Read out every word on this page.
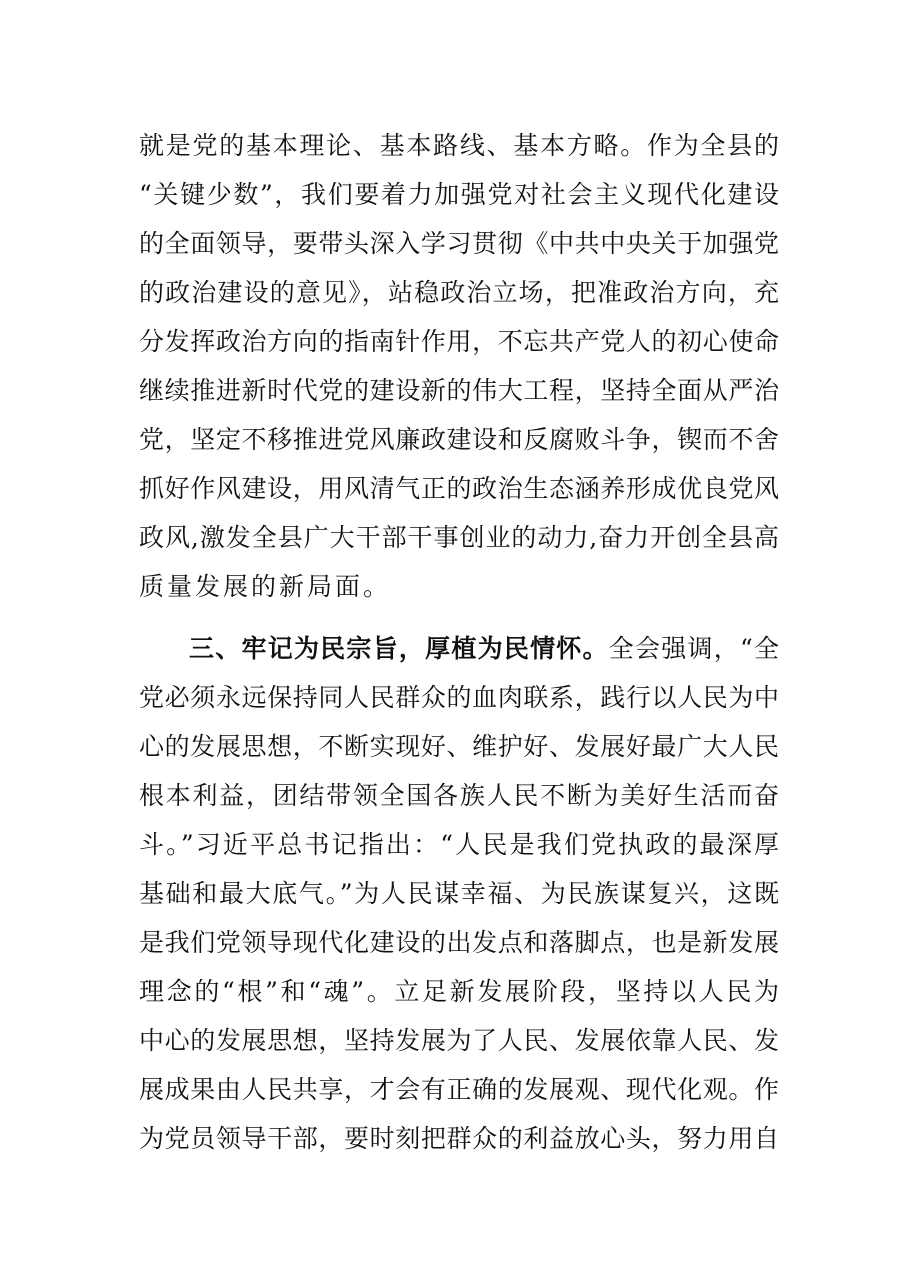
就是党的基本理论、基本路线、基本方略。作为全县的
“关键少数”，我们要着力加强党对社会主义现代化建设
的全面领导，要带头深入学习贯彻《中共中央关于加强党
的政治建设的意见》，站稳政治立场，把准政治方向，充
分发挥政治方向的指南针作用，不忘共产党人的初心使命
继续推进新时代党的建设新的伟大工程，坚持全面从严治
党，坚定不移推进党风廉政建设和反腐败斗争，锲而不舍
抓好作风建设，用风清气正的政治生态涵养形成优良党风
政风,激发全县广大干部干事创业的动力,奋力开创全县高
质量发展的新局面。
三、牢记为民宗旨，厚植为民情怀。全会强调，“全
党必须永远保持同人民群众的血肉联系，践行以人民为中
心的发展思想，不断实现好、维护好、发展好最广大人民
根本利益，团结带领全国各族人民不断为美好生活而奋
斗。”习近平总书记指出：“人民是我们党执政的最深厚
基础和最大底气。”为人民谋幸福、为民族谋复兴，这既
是我们党领导现代化建设的出发点和落脚点，也是新发展
理念的“根”和“魂”。立足新发展阶段，坚持以人民为
中心的发展思想，坚持发展为了人民、发展依靠人民、发
展成果由人民共享，才会有正确的发展观、现代化观。作
为党员领导干部，要时刻把群众的利益放心头，努力用自
